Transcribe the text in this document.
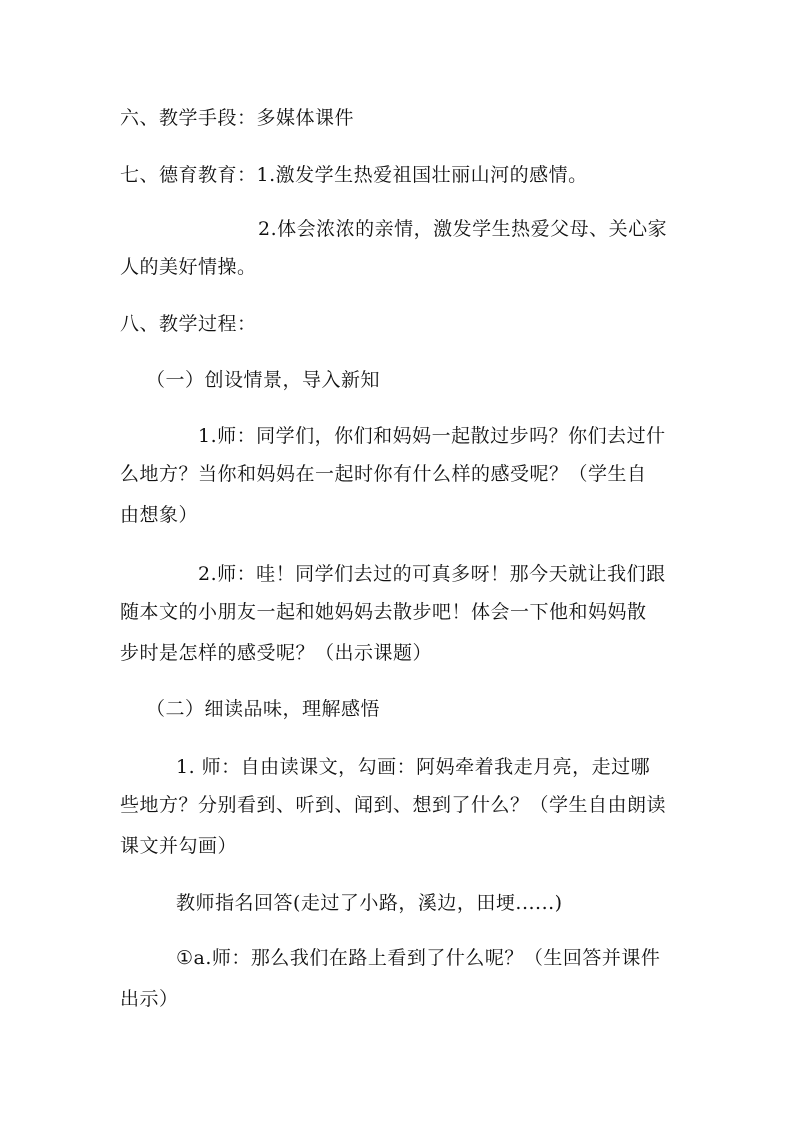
六、教学手段：多媒体课件
七、德育教育：1.激发学生热爱祖国壮丽山河的感情。
2.体会浓浓的亲情，激发学生热爱父母、关心家
人的美好情操。
八、教学过程：
（一）创设情景，导入新知
1.师：同学们，你们和妈妈一起散过步吗？你们去过什
么地方？当你和妈妈在一起时你有什么样的感受呢？（学生自
由想象）
2.师：哇！同学们去过的可真多呀！那今天就让我们跟
随本文的小朋友一起和她妈妈去散步吧！体会一下他和妈妈散
步时是怎样的感受呢？（出示课题）
（二）细读品味，理解感悟
1. 师：自由读课文，勾画：阿妈牵着我走月亮，走过哪
些地方？分别看到、听到、闻到、想到了什么？（学生自由朗读
课文并勾画）
教师指名回答(走过了小路，溪边，田埂......)
①a.师：那么我们在路上看到了什么呢？（生回答并课件
出示）
